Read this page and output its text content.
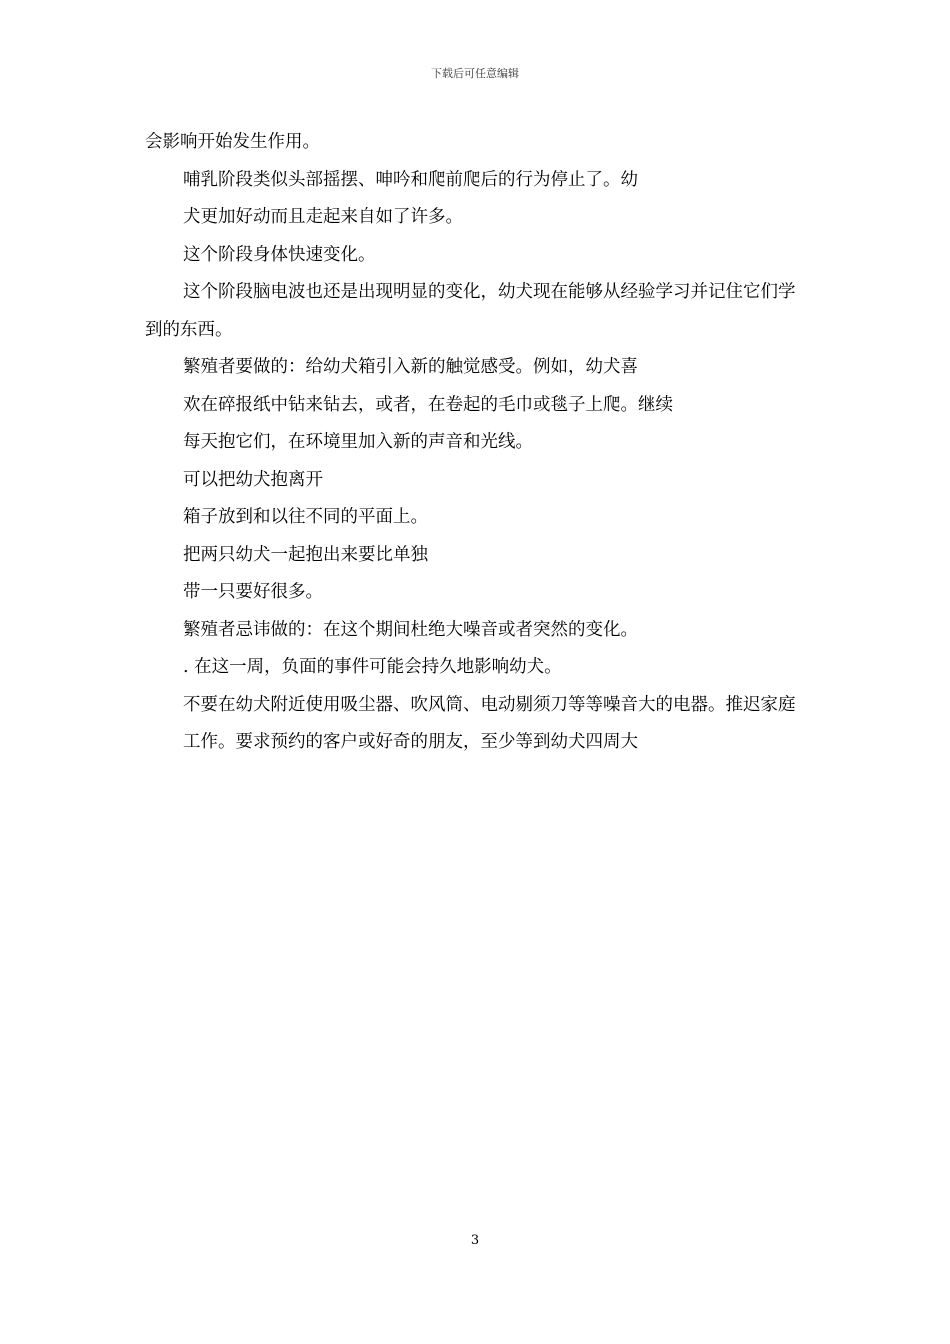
下载后可任意编辑

会影响开始发生作用。

哺乳阶段类似头部摇摆、呻吟和爬前爬后的行为停止了。幼

犬更加好动而且走起来自如了许多。

这个阶段身体快速变化。

这个阶段脑电波也还是出现明显的变化，幼犬现在能够从经验学习并记住它们学到的东西。

繁殖者要做的：给幼犬箱引入新的触觉感受。例如，幼犬喜

欢在碎报纸中钻来钻去，或者，在卷起的毛巾或毯子上爬。继续

每天抱它们，在环境里加入新的声音和光线。

可以把幼犬抱离开

箱子放到和以往不同的平面上。

把两只幼犬一起抱出来要比单独

带一只要好很多。

繁殖者忌讳做的：在这个期间杜绝大噪音或者突然的变化。

. 在这一周，负面的事件可能会持久地影响幼犬。

不要在幼犬附近使用吸尘器、吹风筒、电动剔须刀等等噪音大的电器。推迟家庭

工作。要求预约的客户或好奇的朋友，至少等到幼犬四周大

3
